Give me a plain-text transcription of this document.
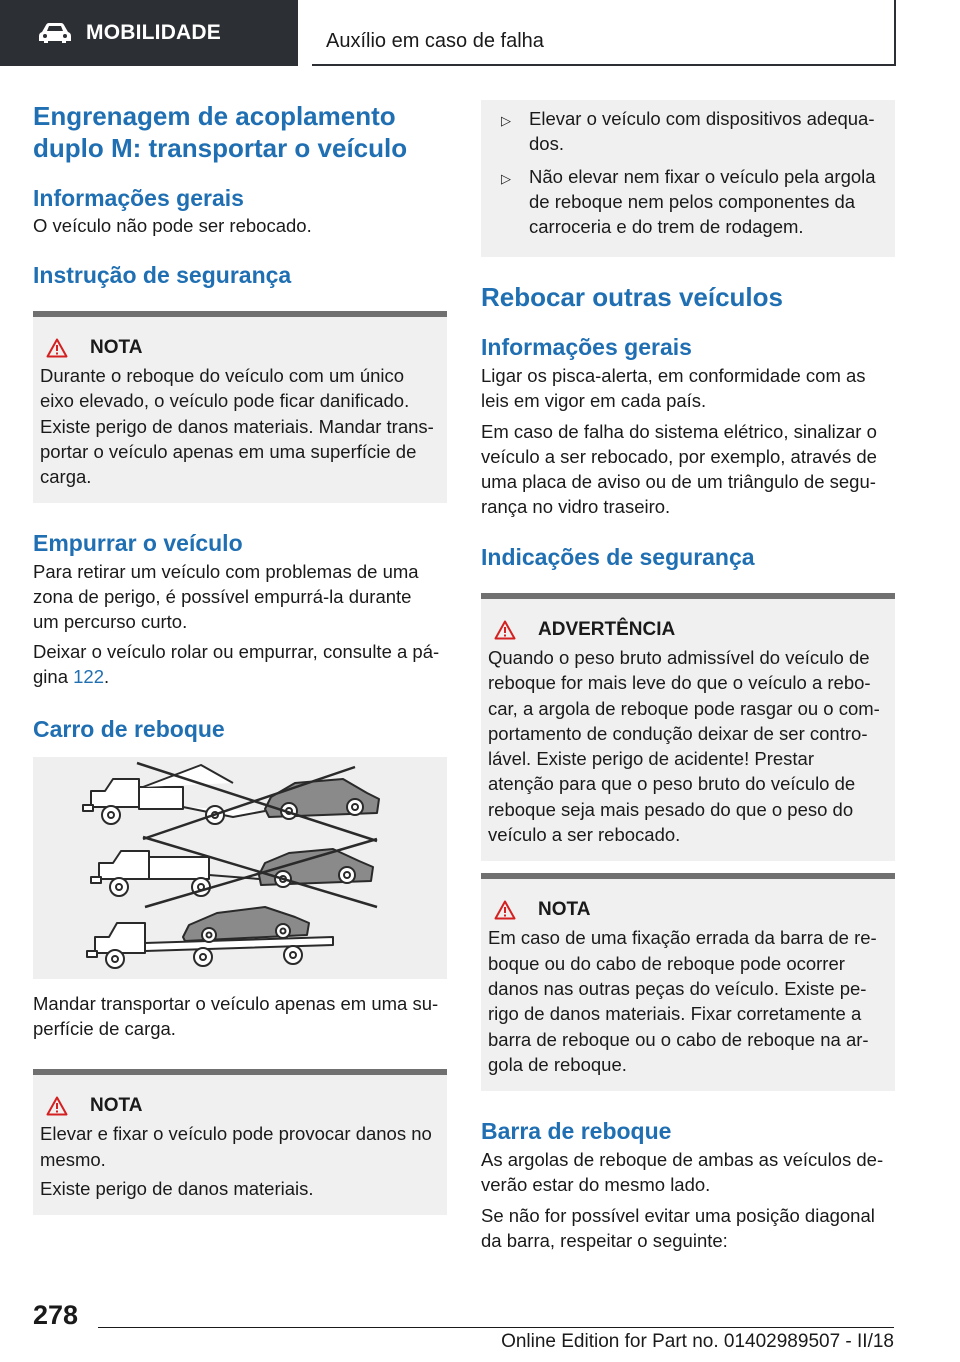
MOBILIDADE	Auxílio em caso de falha
Engrenagem de acoplamento
duplo M: transportar o veículo
Informações gerais
O veículo não pode ser rebocado.
Instrução de segurança
NOTA
Durante o reboque do veículo com um único
eixo elevado, o veículo pode ficar danificado.
Existe perigo de danos materiais. Mandar trans-
portar o veículo apenas em uma superfície de
carga.
Empurrar o veículo
Para retirar um veículo com problemas de uma
zona de perigo, é possível empurrá-la durante
um percurso curto.
Deixar o veículo rolar ou empurrar, consulte a pá-
gina 122.
Carro de reboque
Mandar transportar o veículo apenas em uma su-
perfície de carga.
NOTA
Elevar e fixar o veículo pode provocar danos no
mesmo.
Existe perigo de danos materiais.
▷ Elevar o veículo com dispositivos adequa-
dos.
▷ Não elevar nem fixar o veículo pela argola
de reboque nem pelos componentes da
carroceria e do trem de rodagem.
Rebocar outras veículos
Informações gerais
Ligar os pisca-alerta, em conformidade com as
leis em vigor em cada país.
Em caso de falha do sistema elétrico, sinalizar o
veículo a ser rebocado, por exemplo, através de
uma placa de aviso ou de um triângulo de segu-
rança no vidro traseiro.
Indicações de segurança
ADVERTÊNCIA
Quando o peso bruto admissível do veículo de
reboque for mais leve do que o veículo a rebo-
car, a argola de reboque pode rasgar ou o com-
portamento de condução deixar de ser contro-
lável. Existe perigo de acidente! Prestar
atenção para que o peso bruto do veículo de
reboque seja mais pesado do que o peso do
veículo a ser rebocado.
NOTA
Em caso de uma fixação errada da barra de re-
boque ou do cabo de reboque pode ocorrer
danos nas outras peças do veículo. Existe pe-
rigo de danos materiais. Fixar corretamente a
barra de reboque ou o cabo de reboque na ar-
gola de reboque.
Barra de reboque
As argolas de reboque de ambas as veículos de-
verão estar do mesmo lado.
Se não for possível evitar uma posição diagonal
da barra, respeitar o seguinte:
278
Online Edition for Part no. 01402989507 - II/18
